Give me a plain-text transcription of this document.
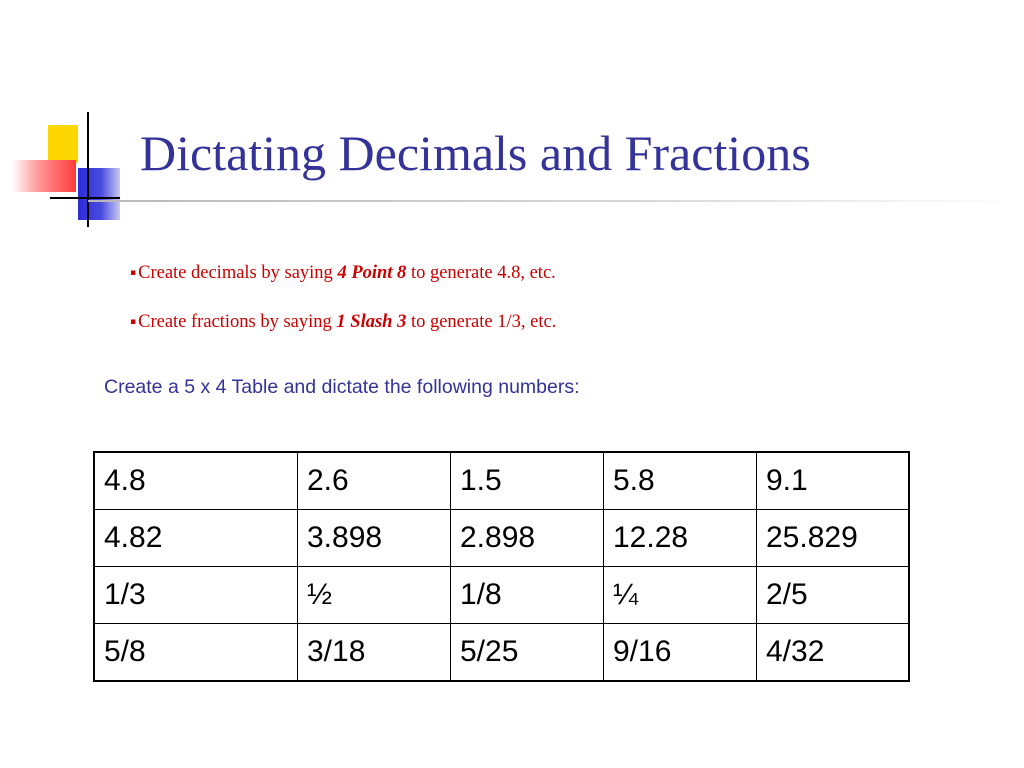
Dictating Decimals and Fractions
▪ Create decimals by saying 4 Point 8 to generate 4.8, etc.
▪ Create fractions by saying 1 Slash 3 to generate 1/3, etc.

Create a 5 x 4 Table and dictate the following numbers:

4.8	2.6	1.5	5.8	9.1
4.82	3.898	2.898	12.28	25.829
1/3	½	1/8	¼	2/5
5/8	3/18	5/25	9/16	4/32
